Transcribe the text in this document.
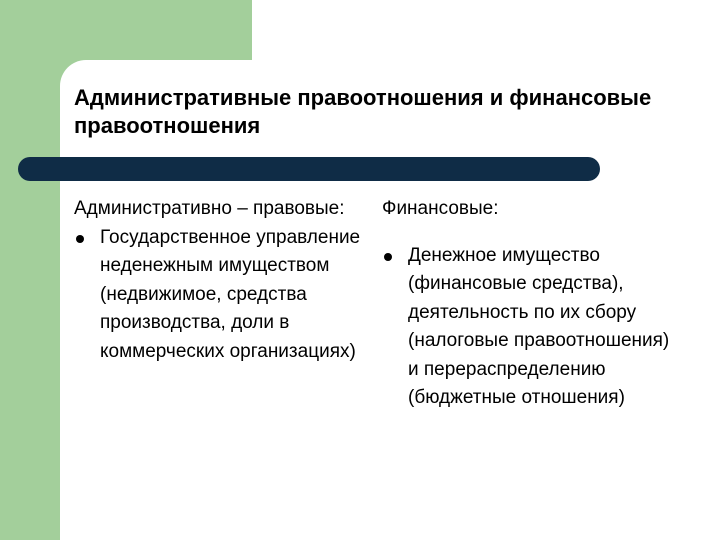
Административные правоотношения и финансовые правоотношения
Административно – правовые:
Государственное управление неденежным имуществом (недвижимое, средства производства, доли в коммерческих организациях)
Финансовые:
Денежное имущество (финансовые средства), деятельность по их сбору (налоговые правоотношения) и перераспределению (бюджетные отношения)
